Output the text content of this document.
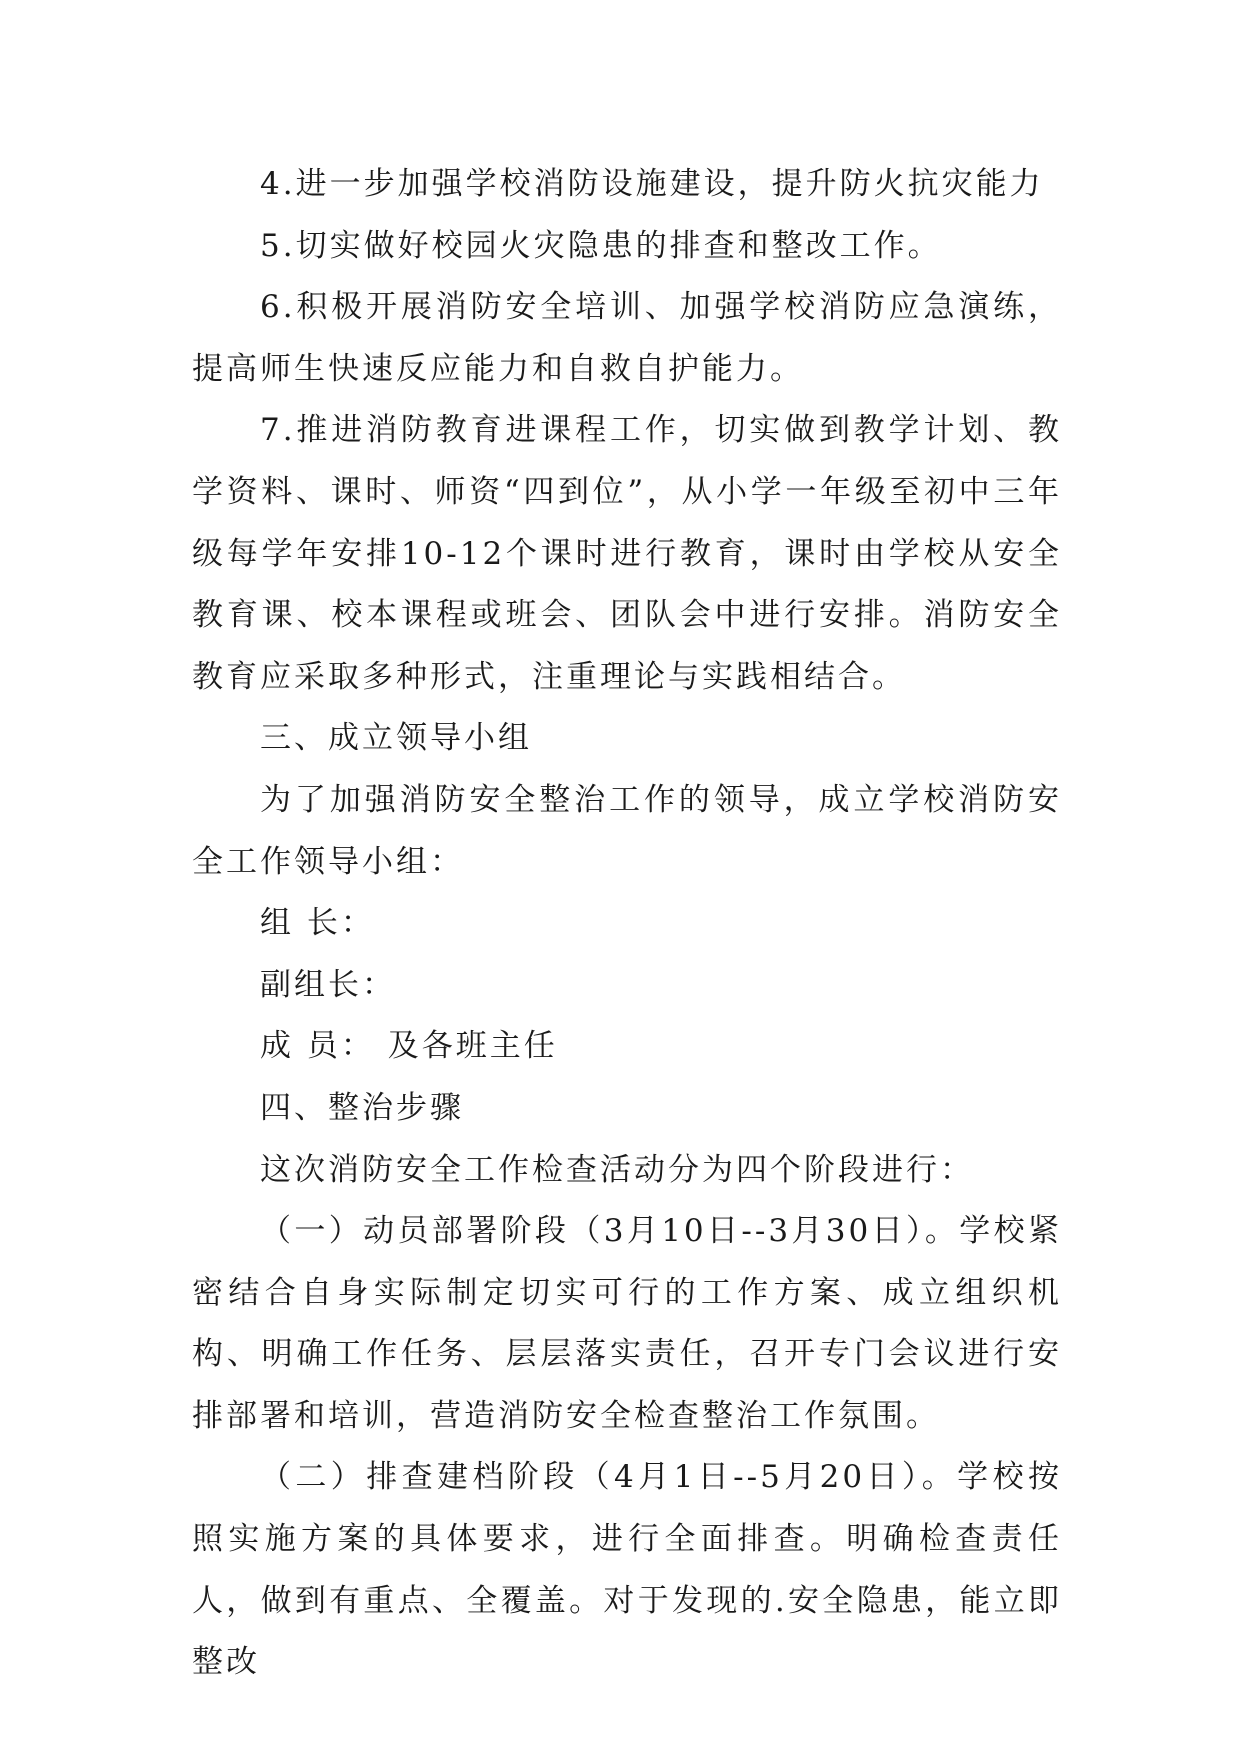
4.进一步加强学校消防设施建设，提升防火抗灾能力

5.切实做好校园火灾隐患的排查和整改工作。

6.积极开展消防安全培训、加强学校消防应急演练，提高师生快速反应能力和自救自护能力。

7.推进消防教育进课程工作，切实做到教学计划、教学资料、课时、师资“四到位”，从小学一年级至初中三年级每学年安排10-12个课时进行教育，课时由学校从安全教育课、校本课程或班会、团队会中进行安排。消防安全教育应采取多种形式，注重理论与实践相结合。

三、成立领导小组

为了加强消防安全整治工作的领导，成立学校消防安全工作领导小组：

组 长：

副组长：

成 员： 及各班主任

四、整治步骤

这次消防安全工作检查活动分为四个阶段进行：

（一）动员部署阶段（3月10日--3月30日）。学校紧密结合自身实际制定切实可行的工作方案、成立组织机构、明确工作任务、层层落实责任，召开专门会议进行安排部署和培训，营造消防安全检查整治工作氛围。

（二）排查建档阶段（4月1日--5月20日）。学校按照实施方案的具体要求，进行全面排查。明确检查责任人，做到有重点、全覆盖。对于发现的.安全隐患，能立即整改
